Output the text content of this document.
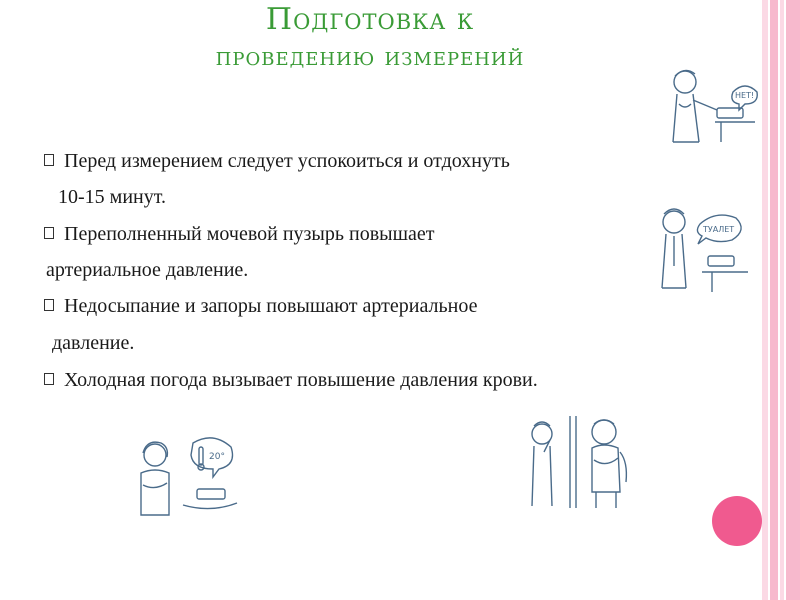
Подготовка к
проведению измерений
Перед измерением следует успокоиться и отдохнуть
10-15 минут.
Переполненный мочевой пузырь повышает
артериальное давление.
Недосыпание и запоры повышают артериальное
давление.
Холодная погода вызывает повышение давления крови.
НЕТ!
ТУАЛЕТ
20°
